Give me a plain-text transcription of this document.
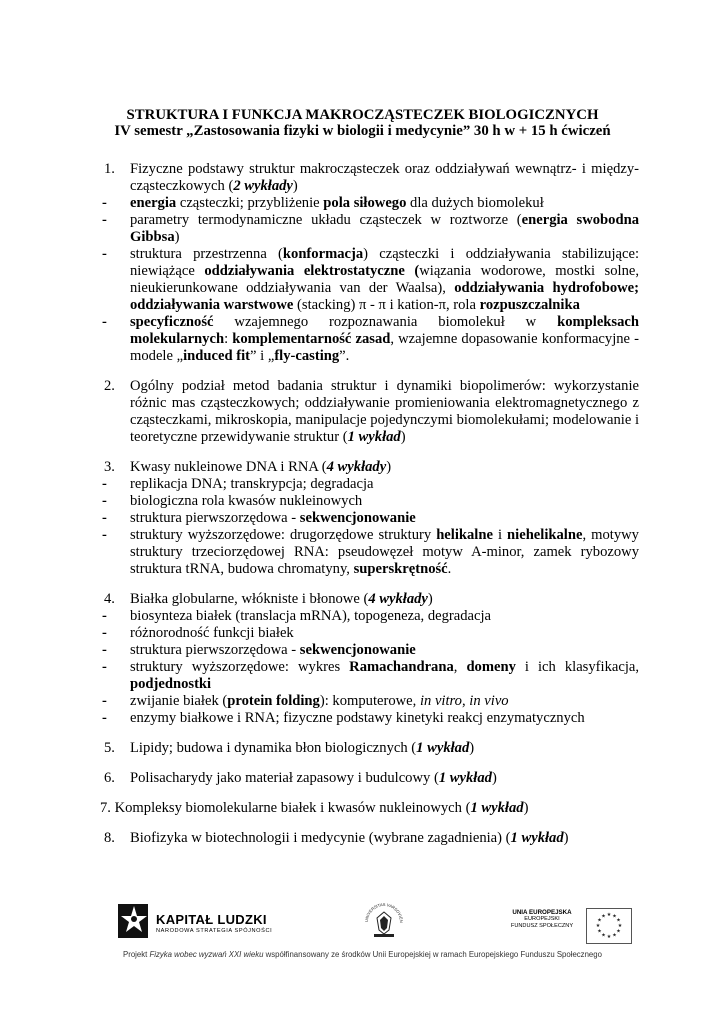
STRUKTURA I FUNKCJA MAKROCZĄSTECZEK BIOLOGICZNYCH
IV semestr „Zastosowania fizyki w biologii i medycynie” 30 h w + 15 h ćwiczeń
1. Fizyczne podstawy struktur makrocząsteczek oraz oddziaływań wewnątrz- i między-cząsteczkowych (2 wykłady)
- energia cząsteczki; przybliżenie pola siłowego dla dużych biomolekuł
- parametry termodynamiczne układu cząsteczek w roztworze (energia swobodna Gibbsa)
- struktura przestrzenna (konformacja) cząsteczki i oddziaływania stabilizujące: niewiążące oddziaływania elektrostatyczne (wiązania wodorowe, mostki solne, nieukierunkowane oddziaływania van der Waalsa), oddziaływania hydrofobowe; oddziaływania warstwowe (stacking) π - π i kation-π, rola rozpuszczalnika
- specyficzność wzajemnego rozpoznawania biomolekuł w kompleksach molekularnych: komplementarność zasad, wzajemne dopasowanie konformacyjne - modele „induced fit” i „fly-casting”.
2. Ogólny podział metod badania struktur i dynamiki biopolimerów: wykorzystanie różnic mas cząsteczkowych; oddziaływanie promieniowania elektromagnetycznego z cząsteczkami, mikroskopia, manipulacje pojedynczymi biomolekułami; modelowanie i teoretyczne przewidywanie struktur (1 wykład)
3. Kwasy nukleinowe DNA i RNA (4 wykłady)
- replikacja DNA; transkrypcja; degradacja
- biologiczna rola kwasów nukleinowych
- struktura pierwszorzędowa - sekwencjonowanie
- struktury wyższorzędowe: drugorzędowe struktury helikalne i niehelikalne, motywy struktury trzeciorzędowej RNA: pseudowęzeł motyw A-minor, zamek rybozowy struktura tRNA, budowa chromatyny, superskrętność.
4. Białka globularne, włókniste i błonowe (4 wykłady)
- biosynteza białek (translacja mRNA), topogeneza, degradacja
- różnorodność funkcji białek
- struktura pierwszorzędowa - sekwencjonowanie
- struktury wyższorzędowe: wykres Ramachandrana, domeny i ich klasyfikacja, podjednostki
- zwijanie białek (protein folding): komputerowe, in vitro, in vivo
- enzymy białkowe i RNA; fizyczne podstawy kinetyki reakcj enzymatycznych
5. Lipidy; budowa i dynamika błon biologicznych (1 wykład)
6. Polisacharydy jako materiał zapasowy i budulcowy (1 wykład)
7. Kompleksy biomolekularne białek i kwasów nukleinowych (1 wykład)
8. Biofizyka w biotechnologii i medycynie (wybrane zagadnienia) (1 wykład)
KAPITAŁ LUDZKI
NARODOWA STRATEGIA SPÓJNOŚCI
UNIVERSITAS VARSOVIEN
UNIA EUROPEJSKA
EUROPEJSKI
FUNDUSZ SPOŁECZNY	★
★
★
★
★
★
★
★
★ ★ ★
★
Projekt Fizyka wobec wyzwań XXI wieku współfinansowany ze środków Unii Europejskiej w ramach Europejskiego Funduszu Społecznego
